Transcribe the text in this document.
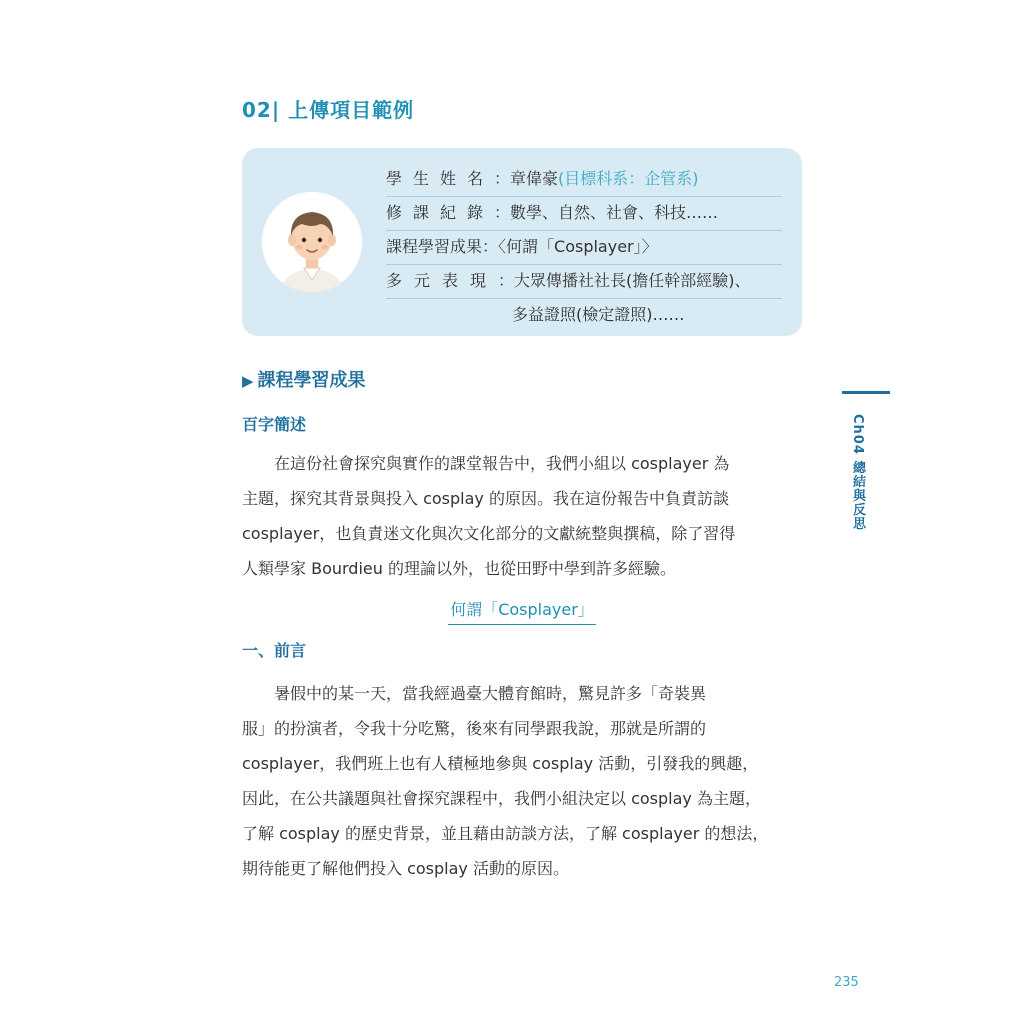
02| 上傳項目範例
學生姓名：章偉豪(目標科系：企管系)
修課紀錄：數學、自然、社會、科技……
課程學習成果：〈何謂「Cosplayer」〉
多元表現：大眾傳播社社長(擔任幹部經驗)、
多益證照(檢定證照)……
▶ 課程學習成果
百字簡述
在這份社會探究與實作的課堂報告中，我們小組以 cosplayer 為
主題，探究其背景與投入 cosplay 的原因。我在這份報告中負責訪談
cosplayer，也負責迷文化與次文化部分的文獻統整與撰稿，除了習得
人類學家 Bourdieu 的理論以外，也從田野中學到許多經驗。
何謂「Cosplayer」
一、前言
暑假中的某一天，當我經過臺大體育館時，驚見許多「奇裝異
服」的扮演者，令我十分吃驚，後來有同學跟我說，那就是所謂的
cosplayer，我們班上也有人積極地參與 cosplay 活動，引發我的興趣，
因此，在公共議題與社會探究課程中，我們小組決定以 cosplay 為主題，
了解 cosplay 的歷史背景，並且藉由訪談方法，了解 cosplayer 的想法，
期待能更了解他們投入 cosplay 活動的原因。
Ch04 總結與反思
235
